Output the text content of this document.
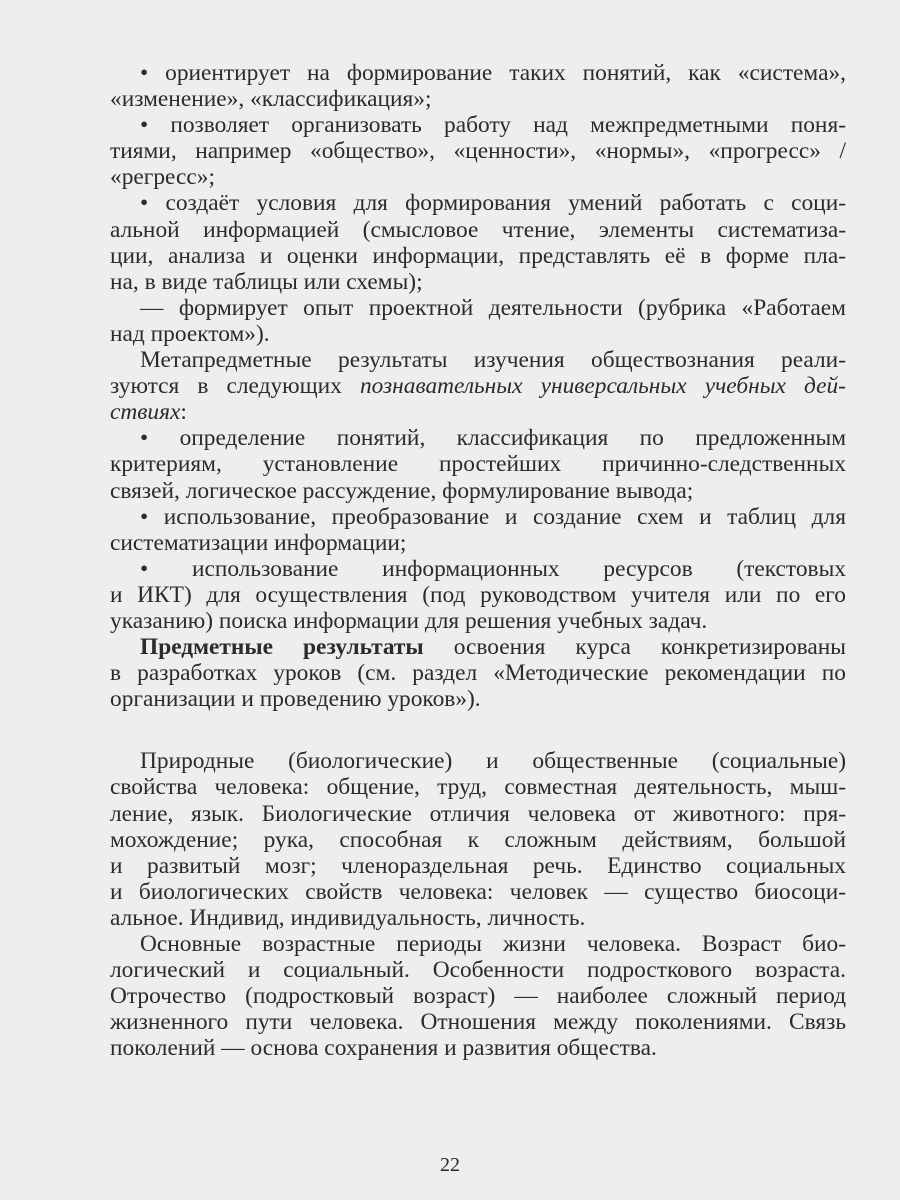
• ориентирует на формирование таких понятий, как «система»,
«изменение», «классификация»;
• позволяет организовать работу над межпредметными поня-
тиями, например «общество», «ценности», «нормы», «прогресс» /
«регресс»;
• создаёт условия для формирования умений работать с соци-
альной информацией (смысловое чтение, элементы систематиза-
ции, анализа и оценки информации, представлять её в форме пла-
на, в виде таблицы или схемы);
— формирует опыт проектной деятельности (рубрика «Работаем
над проектом»).
Метапредметные результаты изучения обществознания реали-
зуются в следующих познавательных универсальных учебных дей-
ствиях:
• определение понятий, классификация по предложенным
критериям, установление простейших причинно-следственных
связей, логическое рассуждение, формулирование вывода;
• использование, преобразование и создание схем и таблиц для
систематизации информации;
• использование информационных ресурсов (текстовых
и ИКТ) для осуществления (под руководством учителя или по его
указанию) поиска информации для решения учебных задач.
Предметные результаты освоения курса конкретизированы
в разработках уроков (см. раздел «Методические рекомендации по
организации и проведению уроков»).
Природные (биологические) и общественные (социальные)
свойства человека: общение, труд, совместная деятельность, мыш-
ление, язык. Биологические отличия человека от животного: пря-
мохождение; рука, способная к сложным действиям, большой
и развитый мозг; членораздельная речь. Единство социальных
и биологических свойств человека: человек — существо биосоци-
альное. Индивид, индивидуальность, личность.
Основные возрастные периоды жизни человека. Возраст био-
логический и социальный. Особенности подросткового возраста.
Отрочество (подростковый возраст) — наиболее сложный период
жизненного пути человека. Отношения между поколениями. Связь
поколений — основа сохранения и развития общества.
22
